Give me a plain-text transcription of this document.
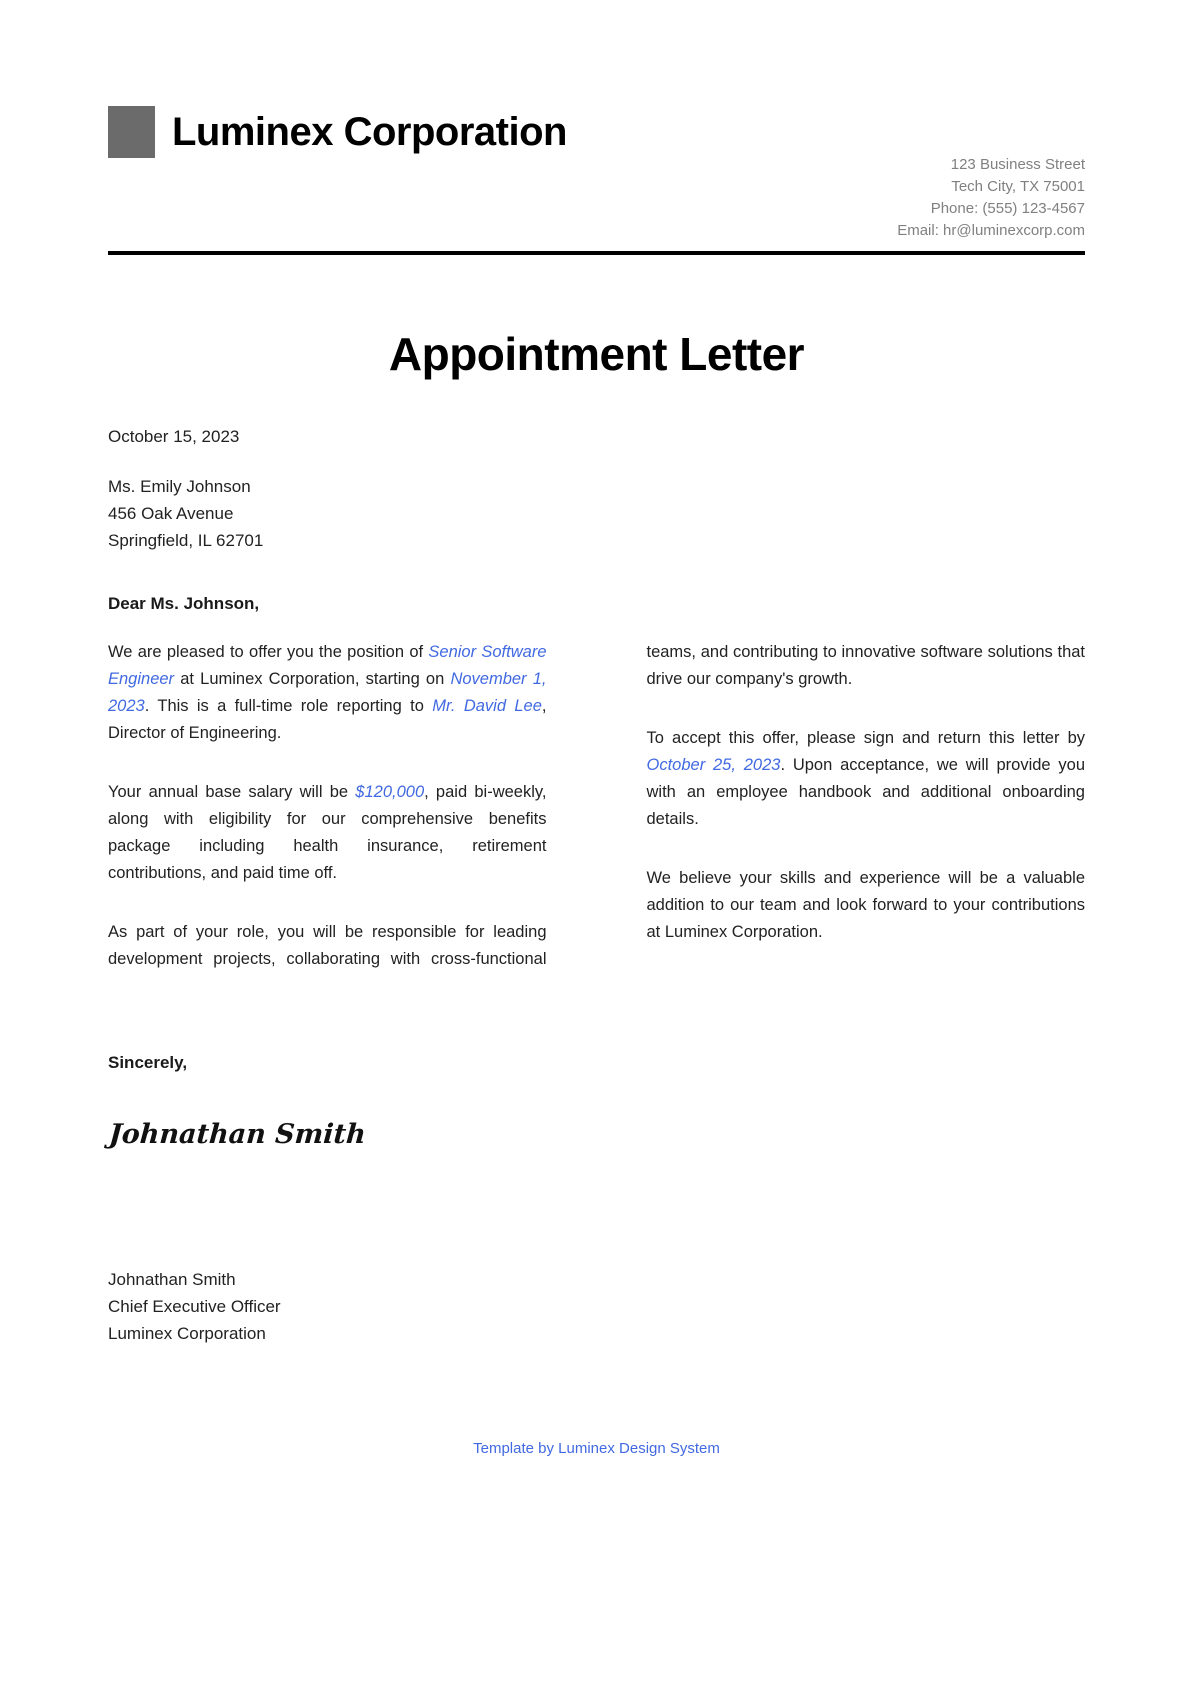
Luminex Corporation
123 Business Street
Tech City, TX 75001
Phone: (555) 123-4567
Email: hr@luminexcorp.com
Appointment Letter
October 15, 2023
Ms. Emily Johnson
456 Oak Avenue
Springfield, IL 62701
Dear Ms. Johnson,

We are pleased to offer you the position of Senior Software Engineer at Luminex Corporation, starting on November 1, 2023. This is a full-time role reporting to Mr. David Lee, Director of Engineering.

Your annual base salary will be $120,000, paid bi-weekly, along with eligibility for our comprehensive benefits package including health insurance, retirement contributions, and paid time off.

As part of your role, you will be responsible for leading development projects, collaborating with cross-functional teams, and contributing to innovative software solutions that drive our company's growth.

To accept this offer, please sign and return this letter by October 25, 2023. Upon acceptance, we will provide you with an employee handbook and additional onboarding details.

We believe your skills and experience will be a valuable addition to our team and look forward to your contributions at Luminex Corporation.

Sincerely,
Johnathan Smith
Johnathan Smith
Chief Executive Officer
Luminex Corporation
Template by Luminex Design System
